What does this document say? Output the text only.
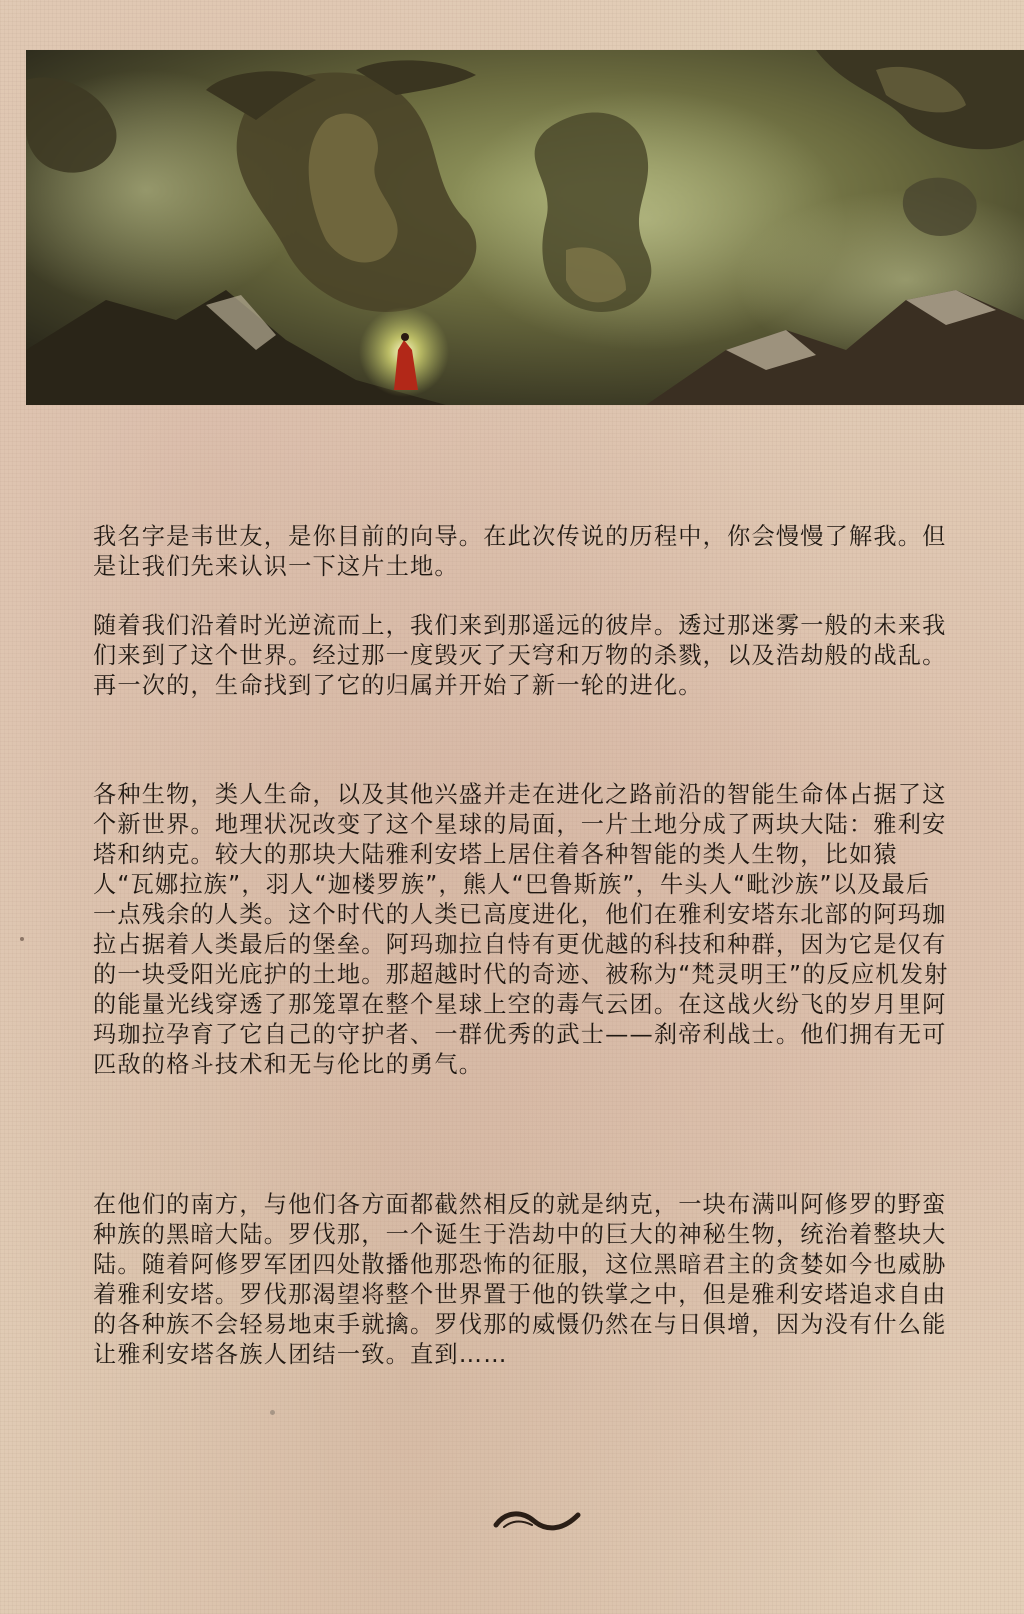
我名字是韦世友，是你目前的向导。在此次传说的历程中，你会慢慢了解我。但是让我们先来认识一下这片土地。

随着我们沿着时光逆流而上，我们来到那遥远的彼岸。透过那迷雾一般的未来我们来到了这个世界。经过那一度毁灭了天穹和万物的杀戮，以及浩劫般的战乱。再一次的，生命找到了它的归属并开始了新一轮的进化。

各种生物，类人生命，以及其他兴盛并走在进化之路前沿的智能生命体占据了这个新世界。地理状况改变了这个星球的局面，一片土地分成了两块大陆：雅利安塔和纳克。较大的那块大陆雅利安塔上居住着各种智能的类人生物，比如猿人“瓦娜拉族”，羽人“迦楼罗族”，熊人“巴鲁斯族”，牛头人“毗沙族”以及最后一点残余的人类。这个时代的人类已高度进化，他们在雅利安塔东北部的阿玛珈拉占据着人类最后的堡垒。阿玛珈拉自恃有更优越的科技和种群，因为它是仅有的一块受阳光庇护的土地。那超越时代的奇迹、被称为“梵灵明王”的反应机发射的能量光线穿透了那笼罩在整个星球上空的毒气云团。在这战火纷飞的岁月里阿玛珈拉孕育了它自己的守护者、一群优秀的武士——刹帝利战士。他们拥有无可匹敌的格斗技术和无与伦比的勇气。

在他们的南方，与他们各方面都截然相反的就是纳克，一块布满叫阿修罗的野蛮种族的黑暗大陆。罗伐那，一个诞生于浩劫中的巨大的神秘生物，统治着整块大陆。随着阿修罗军团四处散播他那恐怖的征服，这位黑暗君主的贪婪如今也威胁着雅利安塔。罗伐那渴望将整个世界置于他的铁掌之中，但是雅利安塔追求自由的各种族不会轻易地束手就擒。罗伐那的威慑仍然在与日俱增，因为没有什么能让雅利安塔各族人团结一致。直到……
